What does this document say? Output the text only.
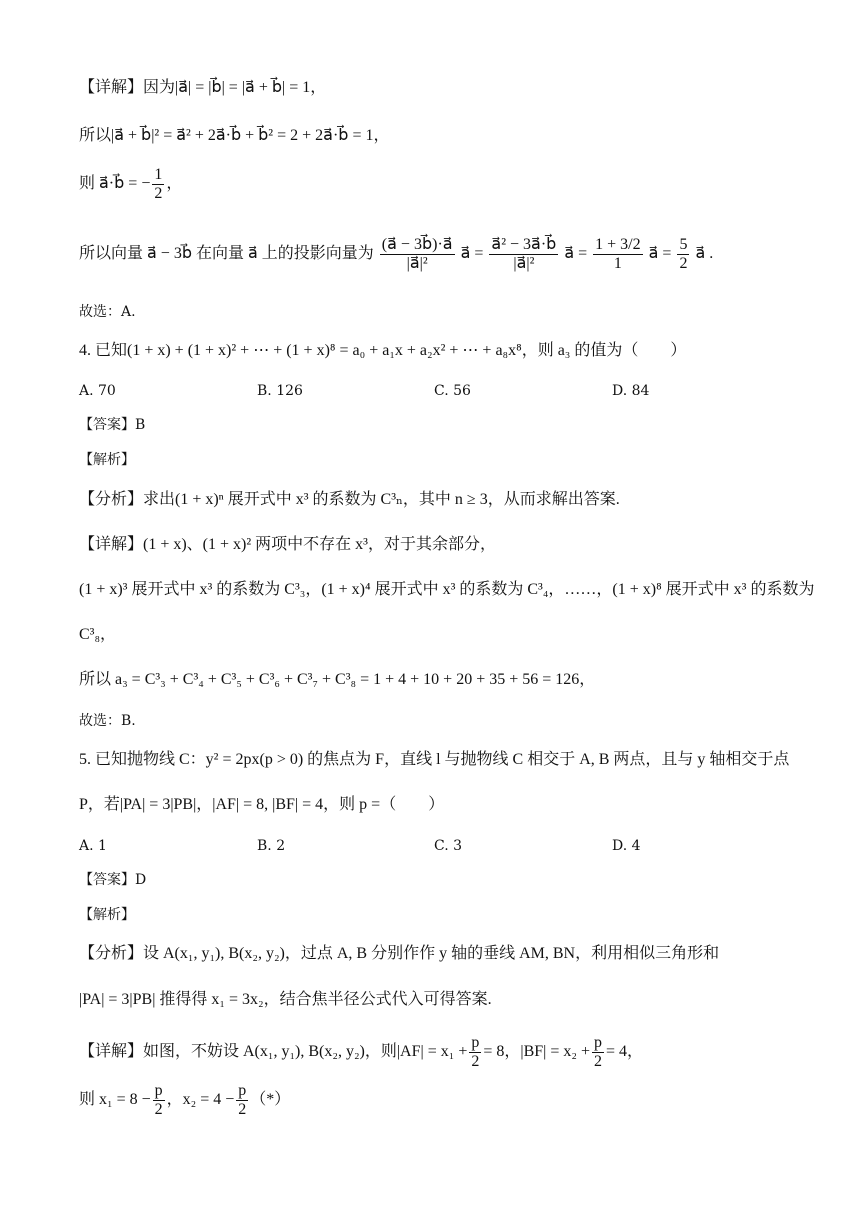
【详解】因为|a⃗| = |b⃗| = |a⃗ + b⃗| = 1，
所以|a⃗ + b⃗|² = a⃗² + 2a⃗·b⃗ + b⃗² = 2 + 2a⃗·b⃗ = 1，
则 a⃗·b⃗ = − $\frac{1}{2}$ ，
所以向量 a⃗ − 3b⃗ 在向量 a⃗ 上的投影向量为 $\frac{(a⃗ - 3b⃗)\cdot a⃗}{\text{|a⃗|²}}$ a⃗ = $\frac{\text{a⃗² − 3a⃗·b⃗}}{\text{|a⃗|²}}$ a⃗ = $\frac{1 + 3/2}{1}$ a⃗ = $\frac{5}{2}$ a⃗ .
故选：A.
4. 已知(1 + x) + (1 + x)² + ⋯ + (1 + x)⁸ = a₀ + a₁x + a₂x² + ⋯ + a₈x⁸，则 a₃ 的值为（　　）
A. 70	B. 126	C. 56	D. 84
【答案】B
【解析】
【分析】求出(1 + x)ⁿ 展开式中 x³ 的系数为 C³ₙ，其中 n ≥ 3，从而求解出答案.
【详解】(1 + x)、(1 + x)² 两项中不存在 x³，对于其余部分，
(1 + x)³ 展开式中 x³ 的系数为 C³₃，(1 + x)⁴ 展开式中 x³ 的系数为 C³₄，……，(1 + x)⁸ 展开式中 x³ 的系数为
C³₈，
所以 a₃ = C³₃ + C³₄ + C³₅ + C³₆ + C³₇ + C³₈ = 1 + 4 + 10 + 20 + 35 + 56 = 126，
故选：B.
5. 已知抛物线 C：y² = 2px(p > 0) 的焦点为 F，直线 l 与抛物线 C 相交于 A, B 两点，且与 y 轴相交于点
P，若|PA| = 3|PB|，|AF| = 8, |BF| = 4，则 p =（　　）
A. 1	B. 2	C. 3	D. 4
【答案】D
【解析】
【分析】设 A(x₁, y₁), B(x₂, y₂)，过点 A, B 分别作作 y 轴的垂线 AM, BN，利用相似三角形和
|PA| = 3|PB| 推得得 x₁ = 3x₂，结合焦半径公式代入可得答案.
【详解】如图，不妨设 A(x₁, y₁), B(x₂, y₂)，则$|AF| = x_1 + \frac{p}{2} = 8$，$|BF| = x_2 + \frac{p}{2} = 4$，
则 $x_1 = 8 - \frac{p}{2}$ ，$x_2 = 4 - \frac{p}{2}$ （*）
